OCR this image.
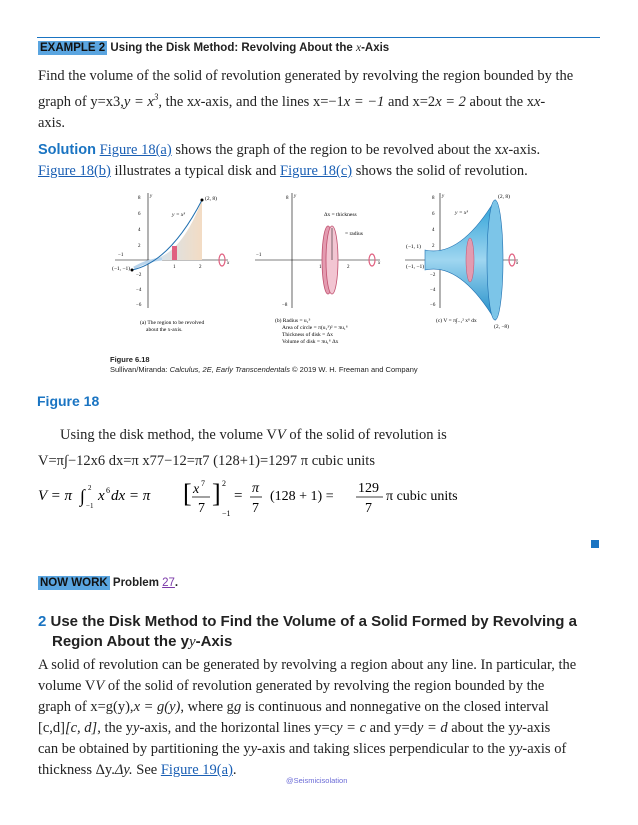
EXAMPLE 2 Using the Disk Method: Revolving About the x-Axis
Find the volume of the solid of revolution generated by revolving the region bounded by the
graph of $y=x3,y = x^3$, the xx-axis, and the lines x=−1x = −1 and x=2x = 2 about the xx-
axis.
Solution Figure 18(a) shows the graph of the region to be revolved about the xx-axis.
Figure 18(b) illustrates a typical disk and Figure 18(c) shows the solid of revolution.
(2, 8)
(−1, −1)
y = x³
8
6
4
2
−2
−4
−6
−1
1	2
x
y
(a) The region to be revolved
about the x-axis.
Δx = thickness
= radius
8
−1
1	2
−8
x
y
(b) Radius = u₁³
Area of circle = π(u₁³)² = πu₁⁶
Thickness of disk = Δx
Volume of disk = πu₁⁶ Δx
(2, 8)
(2, −8)
(−1, 1)
(−1, −1)
y = x³
8
6
4
2
−2
−4
−6
x
y
(c) V = π∫₋₁² x⁶ dx
Figure 6.18
Sullivan/Miranda: Calculus, 2E, Early Transcendentals © 2019 W. H. Freeman and Company
Figure 18
Using the disk method, the volume VV of the solid of revolution is
V=π∫−12x6 dx=π x77−12=π7 (128+1)=1297 π cubic units
V = π ∫ 2
−1
x 6 dx = π [ x 7
7
] 2
−1
= π
7
(128 + 1) =
129
7
π cubic units
NOW WORK Problem 27.
2 Use the Disk Method to Find the Volume of a Solid Formed by Revolving a
Region About the yy-Axis
A solid of revolution can be generated by revolving a region about any line. In particular, the
volume VV of the solid of revolution generated by revolving the region bounded by the
graph of x=g(y),x = g(y), where gg is continuous and nonnegative on the closed interval
[c,d][c, d], the yy-axis, and the horizontal lines y=cy = c and y=dy = d about the yy-axis
can be obtained by partitioning the yy-axis and taking slices perpendicular to the yy-axis of
thickness Δy.Δy. See Figure 19(a).
@Seismicisolation
